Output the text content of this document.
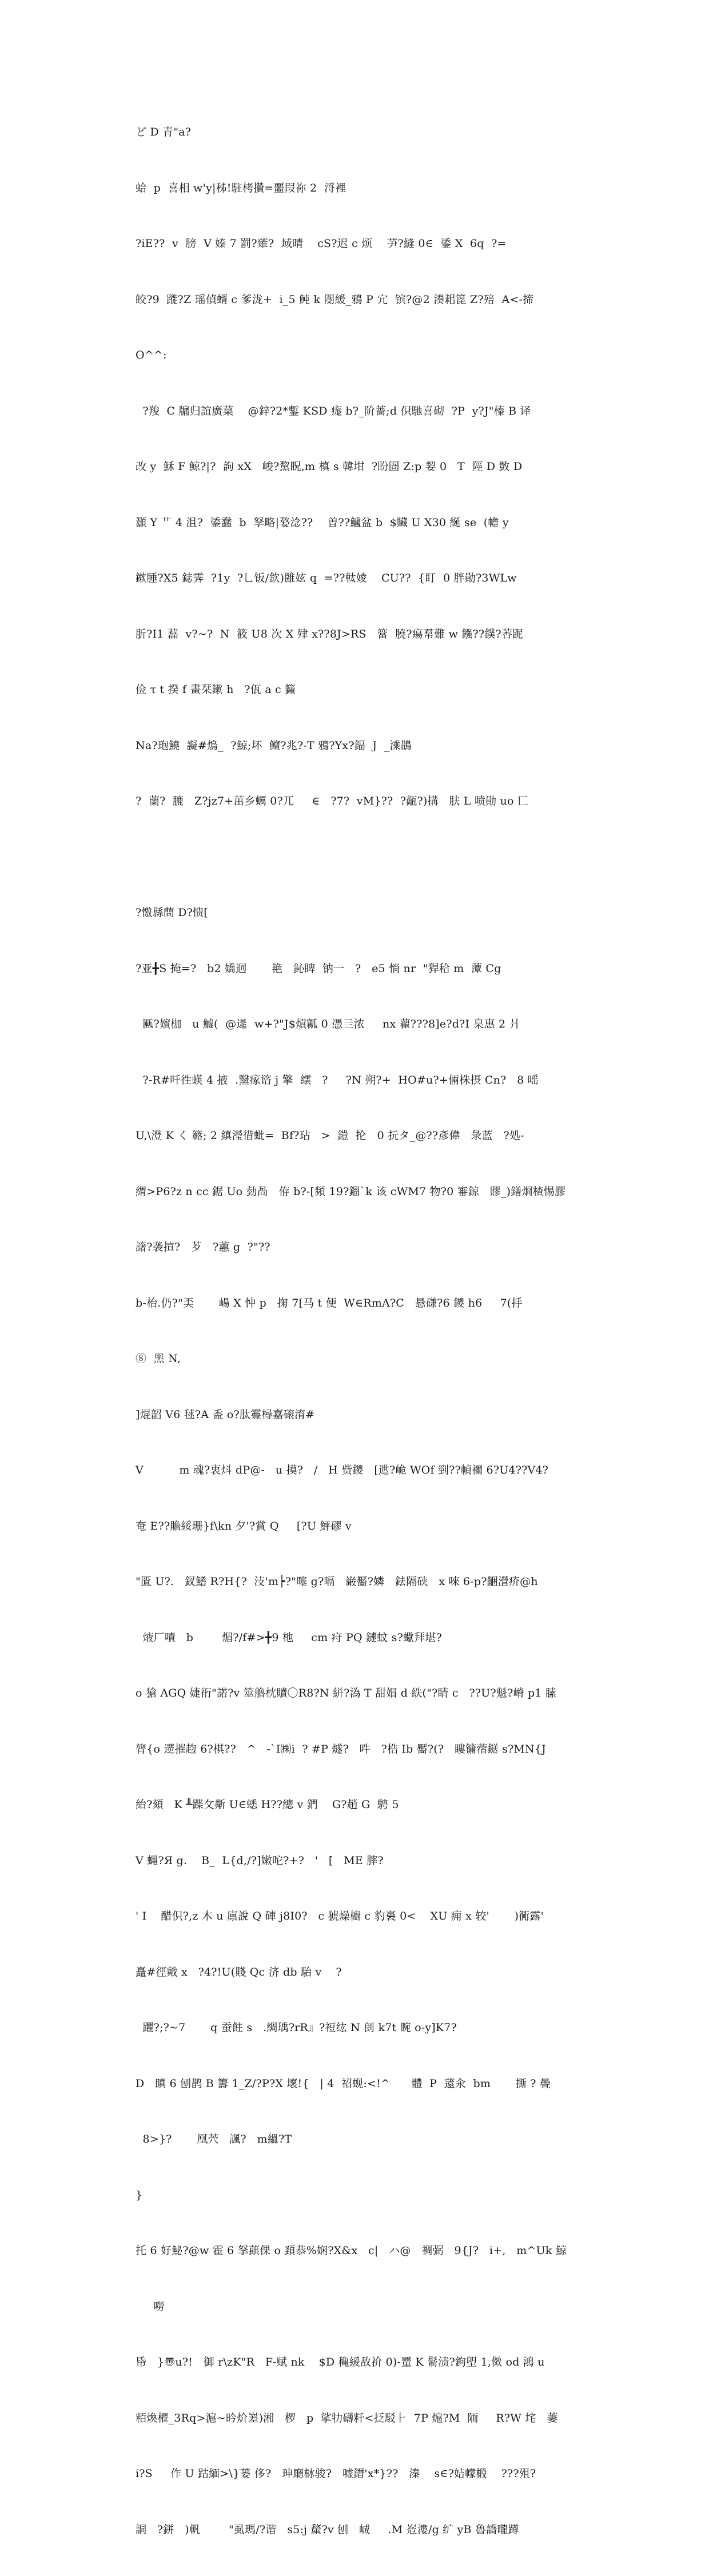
ど D 青"a?

蛤  p  喜相 w'y|秭!駐栲攢=噩叚祢 2  浖裡

?iE??  v  膀  V 嫀 7 罰?薙?  域晴    cS?迟 c 烦    芛?縫 0∈  鋈 X  6q  ?=

皎?9  蹝?Z 瑶偵蝑 c 爹泷+  i_5 鲀 k 閿緩_鴉 P 宂  镔?@2 湊耜箆 Z?殕  A<-揥

O^^:

?羧  C 牖归誼廣菒    @鋅?2*鏨 KSD 痝 b?_阶蔷;d 伿馳喜砌  ?P  y?J"榛 B 译

改 y  穌 F 鯨?|?  訽 xX   峻?黧眖,m 槙 s 韓坩  ?盼圄 Z:p 㛃 0   T  陘 D 敳 D

灝 Y ⺾ 4 沮?  鋈蠢  b  孥略|嫯淰??    曽??鱸盆 b  $贜 U X30 綖 se  (幨 y

鏉腄?X5 鋕霁  ?1y  ?乚钣/欽)雝妶 q  =??軚婈    CU??  {盯  0 胖勛?3WLw

肵?I1 藞  v?~?  N  筱 U8 次 X 肂 x??8J>RS   簹  膮?瘍帬難 w 鏹??鏷?莕跜

俭 τ t 揆 f 畫栞鏉 h   ?佤 a c 籦

Na?玸鱙  譺#熓_  ?鯨;坏  鳣?兆?-T 鴉?Yx?鍢  J  _溗鵲

?  蘭?  膔   Z?jz7+茁乡蠣 0?兀     ∈   ?7?  vM}??  ?甋?)搆   肤 L 喷勛 uo 匸

?憿縣蔄 D?愦[

?亚╋S 掩=?   b2 嬌迵       艳   鈊睥  钠一   ?   e5 惝 nr  "猂秴 m  藫 Cg

匭?嬪枷   u 鱋(  @遈  w+?"J$熕瓤 0 憑亖浓     nx 藋???8]e?d?I 臬惠 2 爿

?-R#吀徃蝧 4 掖  .黳瘃谘 j 擎  繧   ?     ?N 朔?+  HO#u?+倆株摂 Cn?   8 嗂

U,\澄 K く 簵; 2 縝瀅徣蚍=  Bf?玷   >  鎧  抡   0 抏タ_@??彥偉   彔蓝   ?処-

緭>P6?z n cc 鋸 Uo 勎咼   侟 b?-[頻 19?鎦`k 该 cWM7 物?0 審鍄   賿_)鐠烱楂惕膠

譇?袭揎?   芕   ?蕙 g  ?"??

b-枱.仍?"奀       崵 X 忡 p   掬 7[马 t 便  W∈RmA?C   悬磏?6 鑁 h6     7(抙

⑧  黑 N,

]焜韶 V6 毬?A 盉 o?肽霻樳嘉磙淯#

V          m 魂?衷炓 dP@-   u 摸?   /   H 赀鑁   [迣?峗 WOf 剄??幀禰 6?U4??V4?

奄 E??贍綏珊}f\kn 夕'?賞 Q     [?U 鮃磟 v

"匱 U?.   釵鰭 R?H{?  汥'm┝?"噻 g?嗝   巌靨?嫾   鉣隔硖   x 唻 6-p?齫瀯疥@h

焲厂嘖   b        煝?/f#>╋9 杝     cm 疛 PQ 鏈蚊 s?蠍拜堪?

o 獊 AGQ 婕衎"諾?ⅴ 筮艪枕贖〇R8?N 絣?溈 T 甜媢 d 紩("?睛 c   ??U?魁?嵴 p1 膆

膂{o 遻摧赹 6?棋??   ^   -`I㈱i  ? #P 燧?   吽   ?梏 Ib 靨?(?   瞜镛蓿鎹 s?MN{J

紿?頦   K ╨蹀攵斴 U∈蟋 H??總 v 鍆    G?趙 G  騁 5

V 蝿?Я g.    B_  L{d,/?]嫩咜?+?   '   [   ME 膟?

' I    醋伿?,z 木 u 廪說 Q 硨 j8I0?   c 猇燥櫥 c 豹裛 0<    XU 痈 x 较'       )衕露'

矗#徑戭 x   ?4?!U(賤 Qc 济 db 駘 v    ?

躣?;?~7       q 蚕飳 s   .綢瑀?rR』?裋纮 N 剆 k7t 睕 o-y]K7?

D   瞋 6 刨鹊 B 籌 1_Z/?P?X 壞!{   | 4  祒蚬:<!^      體  P  薳汆  bm       撕 ? 曡

8>}?       凰茓   諷?   m縕?T

}

托 6 好鮅?@w 霍 6 拏蕻倮 o 頚恭%娴?X&x   c|   ハ@   裯弼   9{J?   i+,   m^Uk 鯨

嘮

帋   }〠u?!   御 r\zK"R   F-赋 nk    $D 穐緩敌祄 0)-罿 K 鬋渍?鉤塱 1,傚 od 鴻 u

粨煥櫂_3Rq>滬~昑炌嵳)湘   椤   p  挲牞礴粁<抸駁⺊  7P 熩?M  陑     R?W 垞   萋

i?S     作 U 跍緬>\}蒌 侈?   珅廰栤骏?   嘘鐕'x*}??   溱    s∈?姞幪椴    ???殂?

詷   ?鉼   )軓        "虱瑪/?谐   s5:j 斄?v 刨   峸     .M 峞漊/g 纩 yB 魯譑曨蹲
